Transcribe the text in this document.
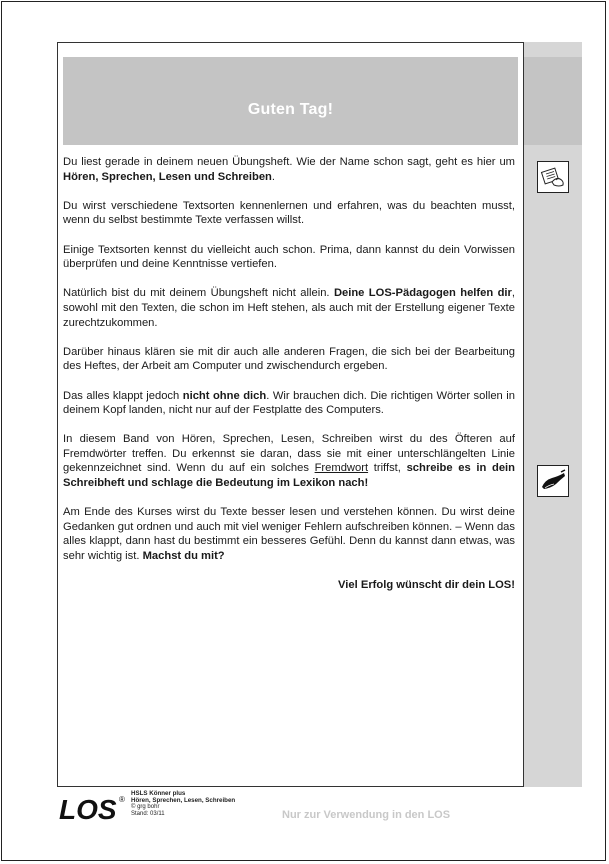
Guten Tag!

Du liest gerade in deinem neuen Übungsheft. Wie der Name schon sagt, geht es hier um Hören, Sprechen, Lesen und Schreiben.

Du wirst verschiedene Textsorten kennenlernen und erfahren, was du beachten musst, wenn du selbst bestimmte Texte verfassen willst.

Einige Textsorten kennst du vielleicht auch schon. Prima, dann kannst du dein Vorwissen überprüfen und deine Kenntnisse vertiefen.

Natürlich bist du mit deinem Übungsheft nicht allein. Deine LOS-Pädagogen helfen dir, sowohl mit den Texten, die schon im Heft stehen, als auch mit der Erstellung eigener Texte zurechtzukommen.

Darüber hinaus klären sie mit dir auch alle anderen Fragen, die sich bei der Bearbeitung des Heftes, der Arbeit am Computer und zwischendurch ergeben.

Das alles klappt jedoch nicht ohne dich. Wir brauchen dich. Die richtigen Wörter sollen in deinem Kopf landen, nicht nur auf der Festplatte des Computers.

In diesem Band von Hören, Sprechen, Lesen, Schreiben wirst du des Öfteren auf Fremdwörter treffen. Du erkennst sie daran, dass sie mit einer unterschlängelten Linie gekennzeichnet sind. Wenn du auf ein solches Fremdwort triffst, schreibe es in dein Schreibheft und schlage die Bedeutung im Lexikon nach!

Am Ende des Kurses wirst du Texte besser lesen und verstehen können. Du wirst deine Gedanken gut ordnen und auch mit viel weniger Fehlern aufschreiben können. – Wenn das alles klappt, dann hast du bestimmt ein besseres Gefühl. Denn du kannst dann etwas, was sehr wichtig ist. Machst du mit?

Viel Erfolg wünscht dir dein LOS!

LOS ®
HSLS Könner plus
Hören, Sprechen, Lesen, Schreiben
© grg bohr
Stand: 03/11	Nur zur Verwendung in den LOS
